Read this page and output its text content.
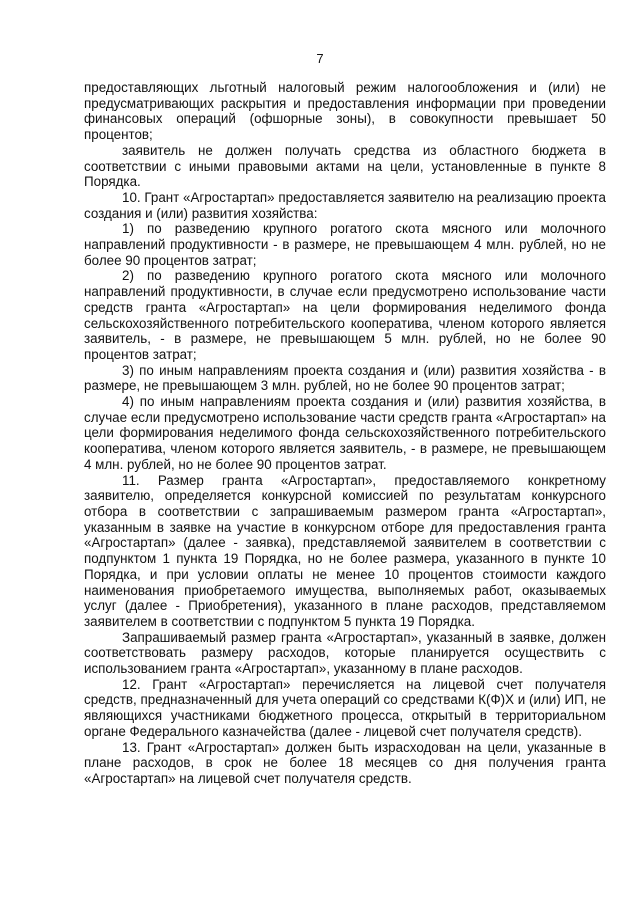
7

предоставляющих льготный налоговый режим налогообложения и (или) не предусматривающих раскрытия и предоставления информации при проведении финансовых операций (офшорные зоны), в совокупности превышает 50 процентов;

заявитель не должен получать средства из областного бюджета в соответствии с иными правовыми актами на цели, установленные в пункте 8 Порядка.

10. Грант «Агростартап» предоставляется заявителю на реализацию проекта создания и (или) развития хозяйства:

1) по разведению крупного рогатого скота мясного или молочного направлений продуктивности - в размере, не превышающем 4 млн. рублей, но не более 90 процентов затрат;

2) по разведению крупного рогатого скота мясного или молочного направлений продуктивности, в случае если предусмотрено использование части средств гранта «Агростартап» на цели формирования неделимого фонда сельскохозяйственного потребительского кооператива, членом которого является заявитель, - в размере, не превышающем 5 млн. рублей, но не более 90 процентов затрат;

3) по иным направлениям проекта создания и (или) развития хозяйства - в размере, не превышающем 3 млн. рублей, но не более 90 процентов затрат;

4) по иным направлениям проекта создания и (или) развития хозяйства, в случае если предусмотрено использование части средств гранта «Агростартап» на цели формирования неделимого фонда сельскохозяйственного потребительского кооператива, членом которого является заявитель, - в размере, не превышающем 4 млн. рублей, но не более 90 процентов затрат.

11. Размер гранта «Агростартап», предоставляемого конкретному заявителю, определяется конкурсной комиссией по результатам конкурсного отбора в соответствии с запрашиваемым размером гранта «Агростартап», указанным в заявке на участие в конкурсном отборе для предоставления гранта «Агростартап» (далее - заявка), представляемой заявителем в соответствии с подпунктом 1 пункта 19 Порядка, но не более размера, указанного в пункте 10 Порядка, и при условии оплаты не менее 10 процентов стоимости каждого наименования приобретаемого имущества, выполняемых работ, оказываемых услуг (далее - Приобретения), указанного в плане расходов, представляемом заявителем в соответствии с подпунктом 5 пункта 19 Порядка.

Запрашиваемый размер гранта «Агростартап», указанный в заявке, должен соответствовать размеру расходов, которые планируется осуществить с использованием гранта «Агростартап», указанному в плане расходов.

12. Грант «Агростартап» перечисляется на лицевой счет получателя средств, предназначенный для учета операций со средствами К(Ф)Х и (или) ИП, не являющихся участниками бюджетного процесса, открытый в территориальном органе Федерального казначейства (далее - лицевой счет получателя средств).

13. Грант «Агростартап» должен быть израсходован на цели, указанные в плане расходов, в срок не более 18 месяцев со дня получения гранта «Агростартап» на лицевой счет получателя средств.
